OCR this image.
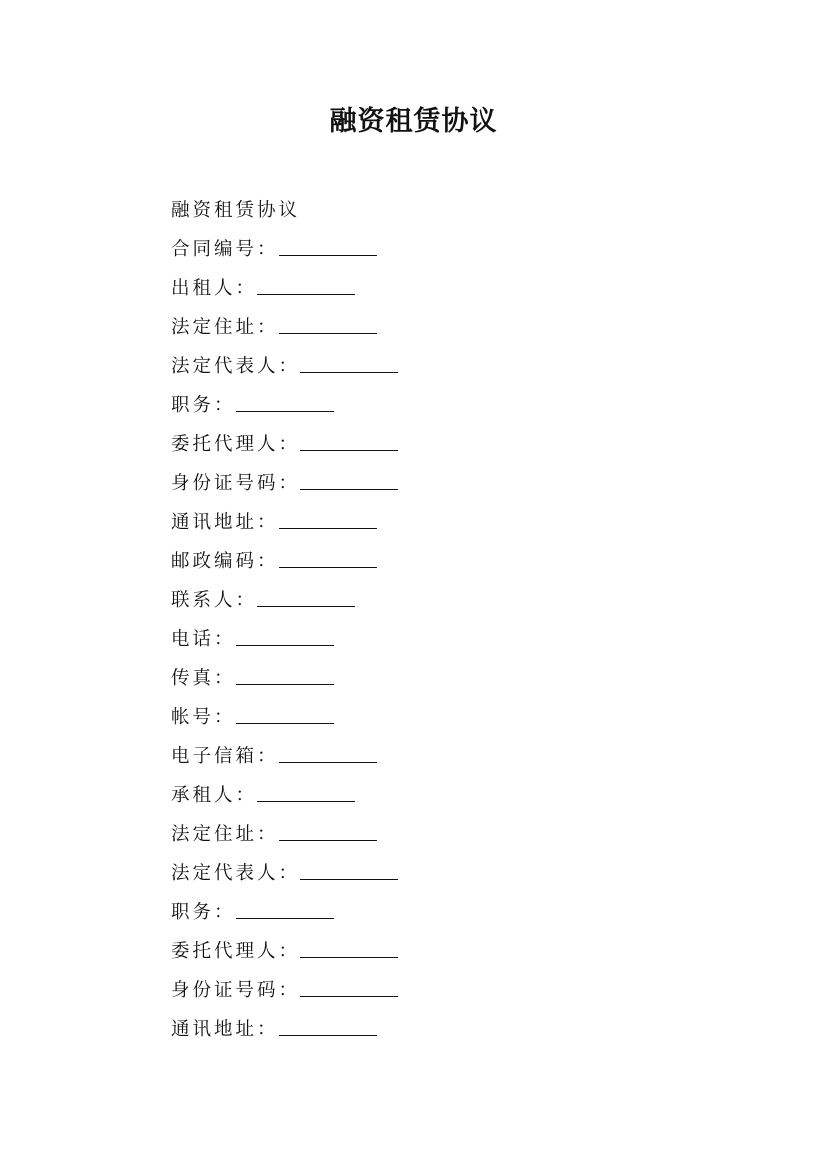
融资租赁协议
融资租赁协议
合同编号：
出租人：
法定住址：
法定代表人：
职务：
委托代理人：
身份证号码：
通讯地址：
邮政编码：
联系人：
电话：
传真：
帐号：
电子信箱：
承租人：
法定住址：
法定代表人：
职务：
委托代理人：
身份证号码：
通讯地址：
